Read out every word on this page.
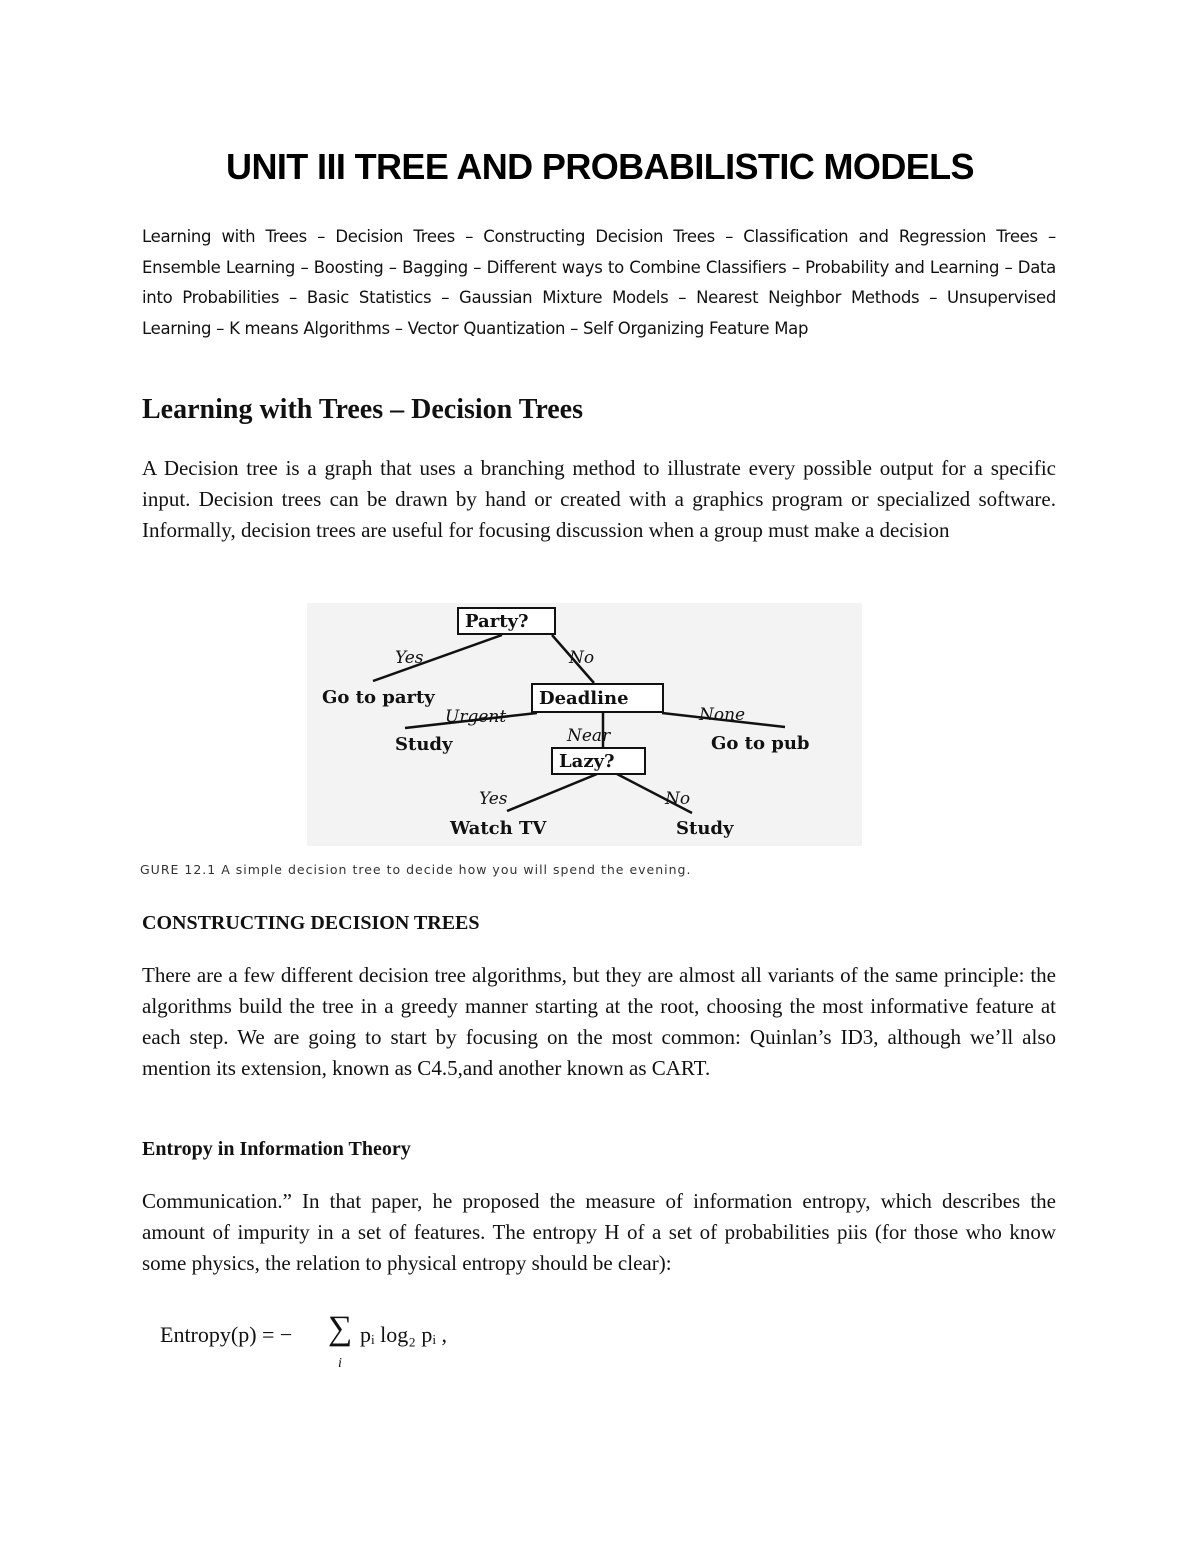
UNIT III TREE AND PROBABILISTIC MODELS
Learning with Trees – Decision Trees – Constructing Decision Trees – Classification and Regression Trees – Ensemble Learning – Boosting – Bagging – Different ways to Combine Classifiers – Probability and Learning – Data into Probabilities – Basic Statistics – Gaussian Mixture Models – Nearest Neighbor Methods – Unsupervised Learning – K means Algorithms – Vector Quantization – Self Organizing Feature Map
Learning with Trees – Decision Trees
A Decision tree is a graph that uses a branching method to illustrate every possible output for a specific input. Decision trees can be drawn by hand or created with a graphics program or specialized software. Informally, decision trees are useful for focusing discussion when a group must make a decision
Party?
Deadline
Lazy?
Go to party
Study	Go to pub
Watch TV	Study
Yes	No
Urgent
Near
None
Yes	No
GURE 12.1 A simple decision tree to decide how you will spend the evening.
CONSTRUCTING DECISION TREES
There are a few different decision tree algorithms, but they are almost all variants of the same principle: the algorithms build the tree in a greedy manner starting at the root, choosing the most informative feature at each step. We are going to start by focusing on the most common: Quinlan’s ID3, although we’ll also mention its extension, known as C4.5,and another known as CART.
Entropy in Information Theory
Communication.” In that paper, he proposed the measure of information entropy, which describes the amount of impurity in a set of features. The entropy H of a set of probabilities piis (for those who know some physics, the relation to physical entropy should be clear):
Entropy(p) = − ∑
i
pᵢ log₂ pᵢ ,
